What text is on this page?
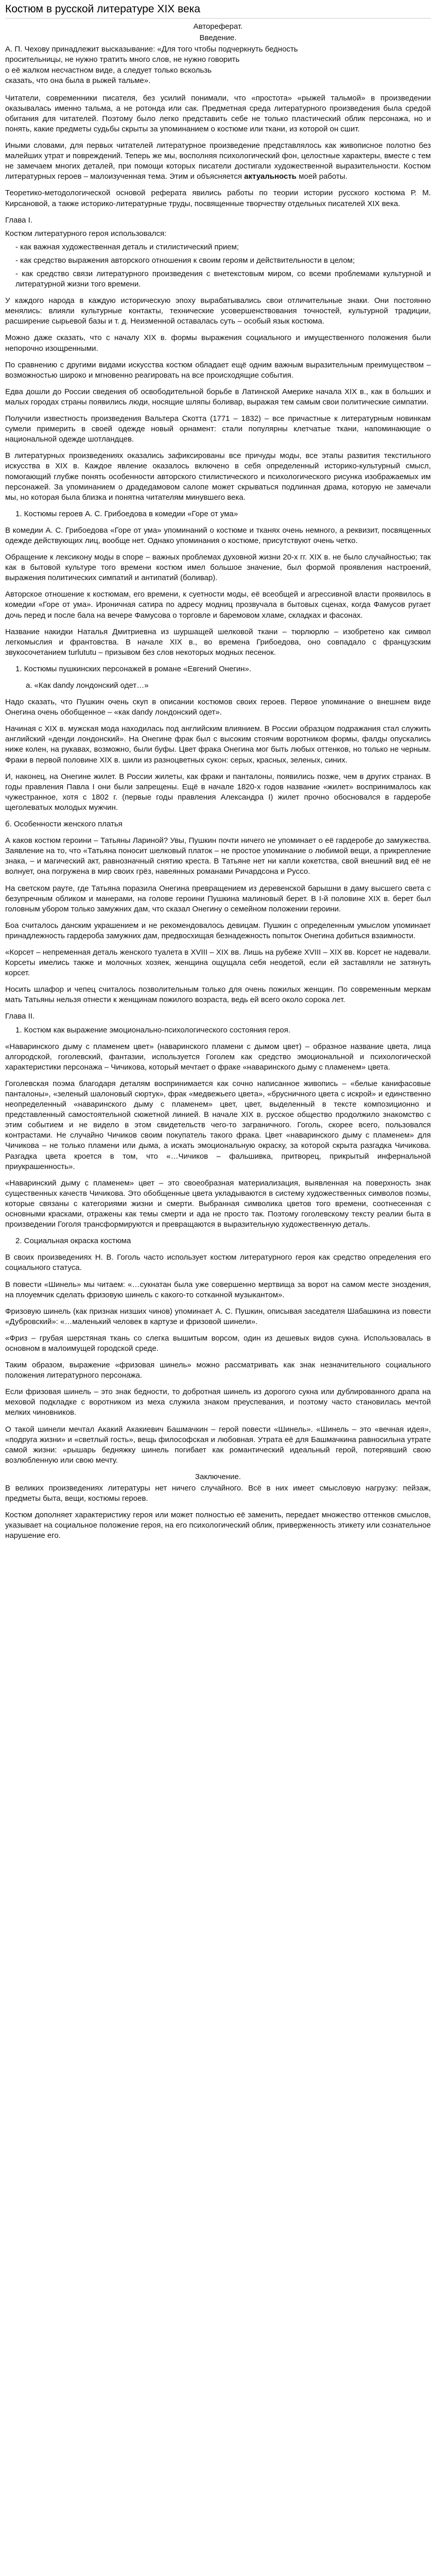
Костюм в русской литературе XIX века

Автореферат.

Введение.

А. П. Чехову принадлежит высказывание: «Для того чтобы подчеркнуть бедность

просительницы, не нужно тратить много слов, не нужно говорить

о её жалком несчастном виде, а следует только вскользь

сказать, что она была в рыжей тальме».

Читатели, современники писателя, без усилий понимали, что «простота» «рыжей тальмой» в произведении оказывалась именно тальма, а не ротонда или сак. Предметная среда литературного произведения была средой обитания для читателей. Поэтому было легко представить себе не только пластический облик персонажа, но и понять, какие предметы судьбы скрыты за упоминанием о костюме или ткани, из которой он сшит.

Иными словами, для первых читателей литературное произведение представлялось как живописное полотно без малейших утрат и повреждений. Теперь же мы, восполняя психологический фон, целостные характеры, вместе с тем не замечаем многих деталей, при помощи которых писатели достигали художественной выразительности. Костюм литературных героев – малоизученная тема. Этим и объясняется актуальность моей работы.

Теоретико-методологической основой реферата явились работы по теории истории русского костюма Р. М. Кирсановой, а также историко-литературные труды, посвященные творчеству отдельных писателей XIX века.

Глава I.

Костюм литературного героя использовался:

- как важная художественная деталь и стилистический прием;

- как средство выражения авторского отношения к своим героям и действительности в целом;

- как средство связи литературного произведения с внетекстовым миром, со всеми проблемами культурной и литературной жизни того времени.

У каждого народа в каждую историческую эпоху вырабатывались свои отличительные знаки. Они постоянно менялись: влияли культурные контакты, технические усовершенствования точностей, культурной традиции, расширение сырьевой базы и т. д. Неизменной оставалась суть – особый язык костюма.

Можно даже сказать, что с началу XIX в. формы выражения социального и имущественного положения были непорочно изощренными.

По сравнению с другими видами искусства костюм обладает ещё одним важным выразительным преимуществом – возможностью широко и мгновенно реагировать на все происходящие события.

Едва дошли до России сведения об освободительной борьбе в Латинской Америке начала XIX в., как в больших и малых городах страны появились люди, носящие шляпы боливар, выражая тем самым свои политические симпатии.

Получили известность произведения Вальтера Скотта (1771 – 1832) – все причастные к литературным новинкам сумели примерить в своей одежде новый орнамент: стали популярны клетчатые ткани, напоминающие о национальной одежде шотландцев.

В литературных произведениях оказались зафиксированы все причуды моды, все этапы развития текстильного искусства в XIX в. Каждое явление оказалось включено в себя определенный историко-культурный смысл, помогающий глубже понять особенности авторского стилистического и психологического рисунка изображаемых им персонажей. За упоминанием о драдедамовом салопе может скрываться подлинная драма, которую не замечали мы, но которая была близка и понятна читателям минувшего века.

1. Костюмы героев А. С. Грибоедова в комедии «Горе от ума»

В комедии А. С. Грибоедова «Горе от ума» упоминаний о костюме и тканях очень немного, а реквизит, посвященных одежде действующих лиц, вообще нет. Однако упоминания о костюме, присутствуют очень четко.

Обращение к лексикону моды в споре – важных проблемах духовной жизни 20-х гг. XIX в. не было случайностью; так как в бытовой культуре того времени костюм имел большое значение, был формой проявления настроений, выражения политических симпатий и антипатий (боливар).

Авторское отношение к костюмам, его времени, к суетности моды, её всеобщей и агрессивной власти проявилось в комедии «Горе от ума». Ироничная сатира по адресу модниц прозвучала в бытовых сценах, когда Фамусов ругает дочь перед и после бала на вечере Фамусова о торговле и баремовом хламе, складках и фасонах.

Название накидки Наталья Дмитриевна из шуршащей шелковой ткани – тюрлюрлю – изобретено как символ легкомыслия и франтовства. В начале XIX в., во времена Грибоедова, оно совпадало с французским звукосочетанием turlututu – призывом без слов некоторых модных песенок.

1. Костюмы пушкинских персонажей в романе «Евгений Онегин».

а. «Как dandy лондонский одет…»

Надо сказать, что Пушкин очень скуп в описании костюмов своих героев. Первое упоминание о внешнем виде Онегина очень обобщенное – «как dandy лондонский одет».

Начиная с XIX в. мужская мода находилась под английским влиянием. В России образцом подражания стал служить английский «денди лондонский». На Онегине фрак был с высоким стоячим воротником формы, фалды опускались ниже колен, на рукавах, возможно, были буфы. Цвет фрака Онегина мог быть любых оттенков, но только не черным. Фраки в первой половине XIX в. шили из разноцветных сукон: серых, красных, зеленых, синих.

И, наконец, на Онегине жилет. В России жилеты, как фраки и панталоны, появились позже, чем в других странах. В годы правления Павла I они были запрещены. Ещё в начале 1820-х годов название «жилет» воспринималось как чужестранное, хотя с 1802 г. (первые годы правления Александра I) жилет прочно обосновался в гардеробе щеголеватых молодых мужчин.

б. Особенности женского платья

А каков костюм героини – Татьяны Лариной? Увы, Пушкин почти ничего не упоминает о её гардеробе до замужества. Заявление на то, что «Татьяна поносит шелковый платок – не простое упоминание о любимой вещи, а прикрепление знака, – и магический акт, равнозначный снятию креста. В Татьяне нет ни капли кокетства, свой внешний вид её не волнует, она погружена в мир своих грёз, навеянных романами Ричардсона и Руссо.

На светском рауте, где Татьяна поразила Онегина превращением из деревенской барышни в даму высшего света с безупречным обликом и манерами, на голове героини Пушкина малиновый берет. В I-й половине XIX в. берет был головным убором только замужних дам, что сказал Онегину о семейном положении героини.

Боа считалось данским украшением и не рекомендовалось девицам. Пушкин с определенным умыслом упоминает принадлежность гардероба замужних дам, предвосхищая безнадежность попыток Онегина добиться взаимности.

«Корсет – непременная деталь женского туалета в XVIII – XIX вв. Лишь на рубеже XVIII – XIX вв. Корсет не надевали. Корсеты имелись также и молочных хозяек, женщина ощущала себя неодетой, если ей заставляли не затянуть корсет.

Носить шлафор и чепец считалось позволительным только для очень пожилых женщин. По современным меркам мать Татьяны нельзя отнести к женщинам пожилого возраста, ведь ей всего около сорока лет.

Глава II.

1. Костюм как выражение эмоционально-психологического состояния героя.

«Наваринского дыму с пламенем цвет» (наваринского пламени с дымом цвет) – образное название цвета, лица алгородской, гоголевский, фантазии, используется Гоголем как средство эмоциональной и психологической характеристики персонажа – Чичикова, который мечтает о фраке «наваринского дыму с пламенем» цвета.

Гоголевская поэма благодаря деталям воспринимается как сочно написанное живопись – «белые канифасовые панталоны», «зеленый шалоновый сюртук», фрак «медвежьего цвета», «брусничного цвета с искрой» и единственно неопределенный «наваринского дыму с пламенем» цвет, цвет, выделенный в тексте композиционно и представленный самостоятельной сюжетной линией. В начале XIX в. русское общество продолжило знакомство с этим событием и не видело в этом свидетельств чего-то заграничного. Гоголь, скорее всего, пользовался контрастами. Не случайно Чичиков своим покупатель такого фрака. Цвет «наваринского дыму с пламенем» для Чичикова – не только пламени или дыма, а искать эмоциональную окраску, за которой скрыта разгадка Чичикова. Разгадка цвета кроется в том, что «…Чичиков – фальшивка, притворец, прикрытый инфернальной приукрашенность».

«Наваринский дыму с пламенем» цвет – это своеобразная материализация, выявленная на поверхность знак существенных качеств Чичикова. Это обобщенные цвета укладываются в систему художественных символов поэмы, которые связаны с категориями жизни и смерти. Выбранная символика цветов того времени, соотнесенная с основными красками, отражены как темы смерти и ада не просто так. Поэтому гоголевскому тексту реалии быта в произведении Гоголя трансформируются и превращаются в выразительную художественную деталь.

2. Социальная окраска костюма

В своих произведениях Н. В. Гоголь часто использует костюм литературного героя как средство определения его социального статуса.

В повести «Шинель» мы читаем: «…сукнатан была уже совершенно мертвища за ворот на самом месте зноздения, на плоуемчик сделать фризовую шинель с какого-то сотканной музыкантом».

Фризовую шинель (как признак низших чинов) упоминает А. С. Пушкин, описывая заседателя Шабашкина из повести «Дубровский»: «…маленький человек в картузе и фризовой шинели».

«Фриз – грубая шерстяная ткань со слегка вышитым ворсом, один из дешевых видов сукна. Использовалась в основном в малоимущей городской среде.

Таким образом, выражение «фризовая шинель» можно рассматривать как знак незначительного социального положения литературного персонажа.

Если фризовая шинель – это знак бедности, то добротная шинель из дорогого сукна или дублированного драпа на меховой подкладке с воротником из меха служила знаком преуспевания, и поэтому часто становилась мечтой мелких чиновников.

О такой шинели мечтал Акакий Акакиевич Башмачкин – герой повести «Шинель». «Шинель – это «вечная идея», «подруга жизни» и «светлый гость», вещь философская и любовная. Утрата её для Башмачкина равносильна утрате самой жизни: «рышарь бедняжку шинель погибает как романтический идеальный герой, потерявший свою возлюбленную или свою мечту.

Заключение.

В великих произведениях литературы нет ничего случайного. Всё в них имеет смысловую нагрузку: пейзаж, предметы быта, вещи, костюмы героев.

Костюм дополняет характеристику героя или может полностью её заменить, передает множество оттенков смыслов, указывает на социальное положение героя, на его психологический облик, приверженность этикету или сознательное нарушение его.
